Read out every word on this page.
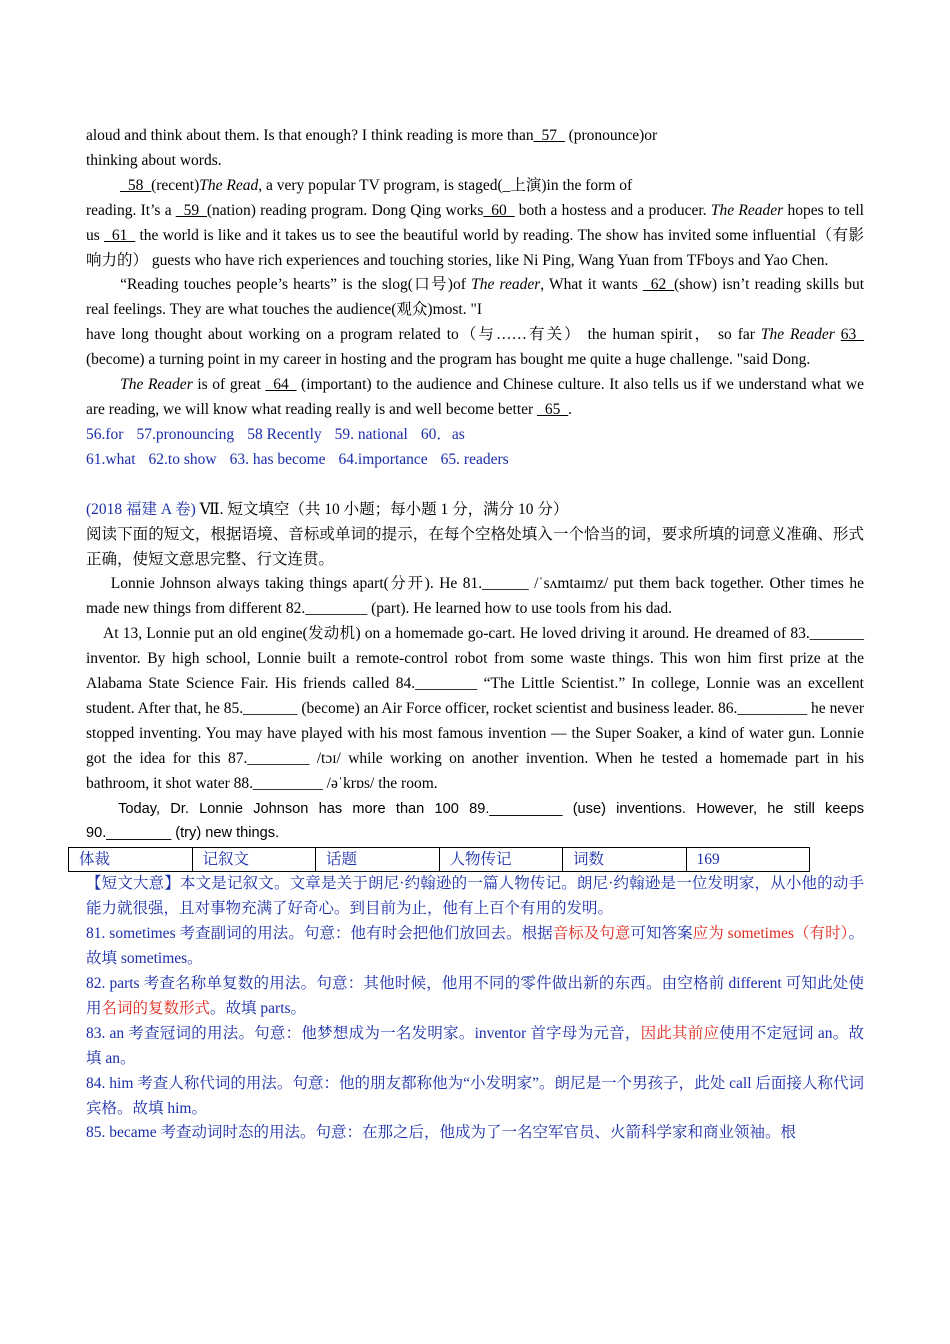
aloud and think about them. Is that enough? I think reading is more than_57_ (pronounce)or

thinking about words.

_58_(recent)The Read, a very popular TV program, is staged(_上演)in the form of

reading. It’s a _59_(nation) reading program. Dong Qing works_60_ both a hostess and a producer. The Reader hopes to tell us _61_ the world is like and it takes us to see the beautiful world by reading. The show has invited some influential（有影响力的） guests who have rich experiences and touching stories, like Ni Ping, Wang Yuan from TFboys and Yao Chen.

“Reading touches people’s hearts” is the slog(口号)of The reader, What it wants _62_(show) isn’t reading skills but real feelings. They are what touches the audience(观众)most. "I

have long thought about working on a program related to（与……有关） the human spirit， so far The Reader 63_ (become) a turning point in my career in hosting and the program has bought me quite a huge challenge. "said Dong.

The Reader is of great _64_ (important) to the audience and Chinese culture. It also tells us if we understand what we are reading, we will know what reading really is and well become better _65_.

56.for 57.pronouncing 58 Recently 59. national 60．as

61.what 62.to show 63. has become 64.importance 65. readers

(2018 福建 A 卷) Ⅶ. 短文填空（共 10 小题；每小题 1 分，满分 10 分）

阅读下面的短文，根据语境、音标或单词的提示，在每个空格处填入一个恰当的词，要求所填的词意义准确、形式正确，使短文意思完整、行文连贯。

Lonnie Johnson always taking things apart(分开). He 81.______ /ˈsʌmtaɪmz/ put them back together. Other times he made new things from different 82.________ (part). He learned how to use tools from his dad.

At 13, Lonnie put an old engine(发动机) on a homemade go-cart. He loved driving it around. He dreamed of 83._______ inventor. By high school, Lonnie built a remote-control robot from some waste things. This won him first prize at the Alabama State Science Fair. His friends called 84.________ “The Little Scientist.” In college, Lonnie was an excellent student. After that, he 85._______ (become) an Air Force officer, rocket scientist and business leader. 86._________ he never stopped inventing. You may have played with his most famous invention — the Super Soaker, a kind of water gun. Lonnie got the idea for this 87.________ /tɔɪ/ while working on another invention. When he tested a homemade part in his bathroom, it shot water 88._________ /əˈkrɒs/ the room.

Today, Dr. Lonnie Johnson has more than 100 89._________ (use) inventions. However, he still keeps 90.________ (try) new things.

体裁	记叙文	话题	人物传记	词数	169

【短文大意】本文是记叙文。文章是关于朗尼·约翰逊的一篇人物传记。朗尼·约翰逊是一位发明家，从小他的动手能力就很强，且对事物充满了好奇心。到目前为止，他有上百个有用的发明。

81. sometimes 考查副词的用法。句意：他有时会把他们放回去。根据音标及句意可知答案应为 sometimes（有时）。故填 sometimes。

82. parts 考查名称单复数的用法。句意：其他时候，他用不同的零件做出新的东西。由空格前 different 可知此处使用名词的复数形式。故填 parts。

83. an 考查冠词的用法。句意：他梦想成为一名发明家。inventor 首字母为元音，因此其前应使用不定冠词 an。故填 an。

84. him 考查人称代词的用法。句意：他的朋友都称他为“小发明家”。朗尼是一个男孩子，此处 call 后面接人称代词宾格。故填 him。

85. became 考查动词时态的用法。句意：在那之后，他成为了一名空军官员、火箭科学家和商业领袖。根
